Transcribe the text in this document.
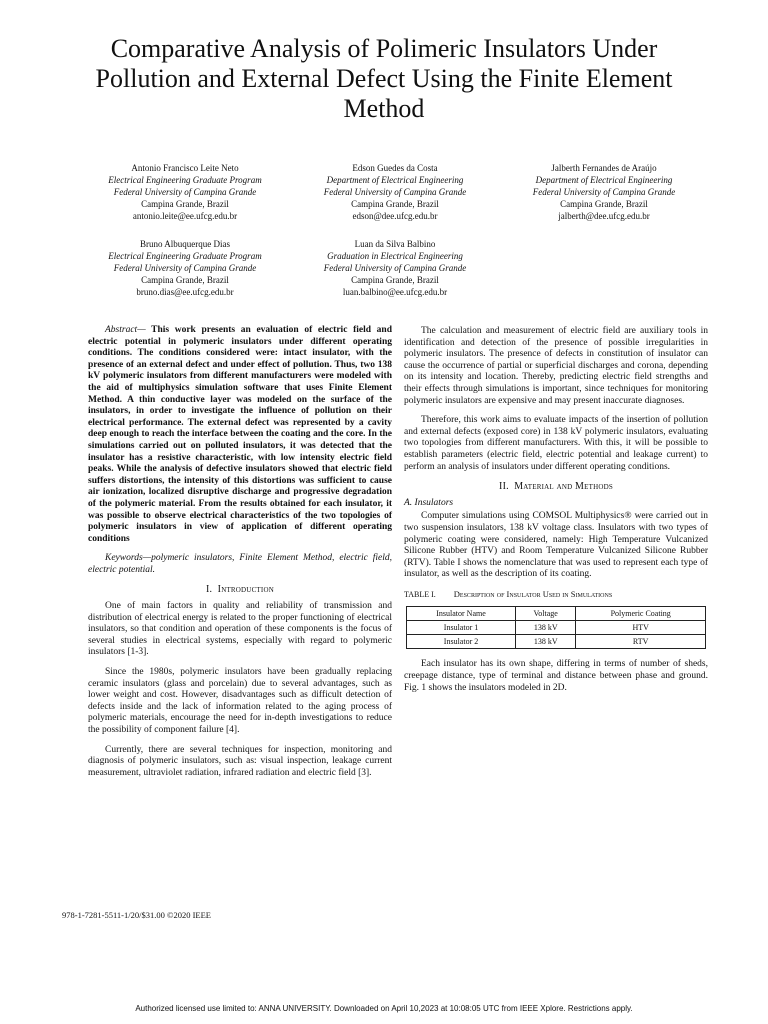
Comparative Analysis of Polimeric Insulators Under Pollution and External Defect Using the Finite Element Method
Antonio Francisco Leite Neto
Electrical Engineering Graduate Program
Federal University of Campina Grande
Campina Grande, Brazil
antonio.leite@ee.ufcg.edu.br
Edson Guedes da Costa
Department of Electrical Engineering
Federal University of Campina Grande
Campina Grande, Brazil
edson@dee.ufcg.edu.br
Jalberth Fernandes de Araújo
Department of Electrical Engineering
Federal University of Campina Grande
Campina Grande, Brazil
jalberth@dee.ufcg.edu.br
Bruno Albuquerque Dias
Electrical Engineering Graduate Program
Federal University of Campina Grande
Campina Grande, Brazil
bruno.dias@ee.ufcg.edu.br
Luan da Silva Balbino
Graduation in Electrical Engineering
Federal University of Campina Grande
Campina Grande, Brazil
luan.balbino@ee.ufcg.edu.br

Abstract— This work presents an evaluation of electric field and electric potential in polymeric insulators under different operating conditions. The conditions considered were: intact insulator, with the presence of an external defect and under effect of pollution. Thus, two 138 kV polymeric insulators from different manufacturers were modeled with the aid of multiphysics simulation software that uses Finite Element Method. A thin conductive layer was modeled on the surface of the insulators, in order to investigate the influence of pollution on their electrical performance. The external defect was represented by a cavity deep enough to reach the interface between the coating and the core. In the simulations carried out on polluted insulators, it was detected that the insulator has a resistive characteristic, with low intensity electric field peaks. While the analysis of defective insulators showed that electric field suffers distortions, the intensity of this distortions was sufficient to cause air ionization, localized disruptive discharge and progressive degradation of the polymeric material. From the results obtained for each insulator, it was possible to observe electrical characteristics of the two topologies of polymeric insulators in view of application of different operating conditions

Keywords—polymeric insulators, Finite Element Method, electric field, electric potential.

I. Introduction

One of main factors in quality and reliability of transmission and distribution of electrical energy is related to the proper functioning of electrical insulators, so that condition and operation of these components is the focus of several studies in electrical systems, especially with regard to polymeric insulators [1-3].

Since the 1980s, polymeric insulators have been gradually replacing ceramic insulators (glass and porcelain) due to several advantages, such as lower weight and cost. However, disadvantages such as difficult detection of defects inside and the lack of information related to the aging process of polymeric materials, encourage the need for in-depth investigations to reduce the possibility of component failure [4].

Currently, there are several techniques for inspection, monitoring and diagnosis of polymeric insulators, such as: visual inspection, leakage current measurement, ultraviolet radiation, infrared radiation and electric field [3].

The calculation and measurement of electric field are auxiliary tools in identification and detection of the presence of possible irregularities in polymeric insulators. The presence of defects in constitution of insulator can cause the occurrence of partial or superficial discharges and corona, depending on its intensity and location. Thereby, predicting electric field strengths and their effects through simulations is important, since techniques for monitoring polymeric insulators are expensive and may present inaccurate diagnoses.

Therefore, this work aims to evaluate impacts of the insertion of pollution and external defects (exposed core) in 138 kV polymeric insulators, evaluating two topologies from different manufacturers. With this, it will be possible to establish parameters (electric field, electric potential and leakage current) to perform an analysis of insulators under different operating conditions.

II. Material and Methods
A. Insulators

Computer simulations using COMSOL Multiphysics® were carried out in two suspension insulators, 138 kV voltage class. Insulators with two types of polymeric coating were considered, namely: High Temperature Vulcanized Silicone Rubber (HTV) and Room Temperature Vulcanized Silicone Rubber (RTV). Table I shows the nomenclature that was used to represent each type of insulator, as well as the description of its coating.

TABLE I. Description of Insulator Used in Simulations
Insulator Name	Voltage	Polymeric Coating
Insulator 1	138 kV	HTV
Insulator 2	138 kV	RTV

Each insulator has its own shape, differing in terms of number of sheds, creepage distance, type of terminal and distance between phase and ground. Fig. 1 shows the insulators modeled in 2D.

978-1-7281-5511-1/20/$31.00 ©2020 IEEE
Authorized licensed use limited to: ANNA UNIVERSITY. Downloaded on April 10,2023 at 10:08:05 UTC from IEEE Xplore. Restrictions apply.
